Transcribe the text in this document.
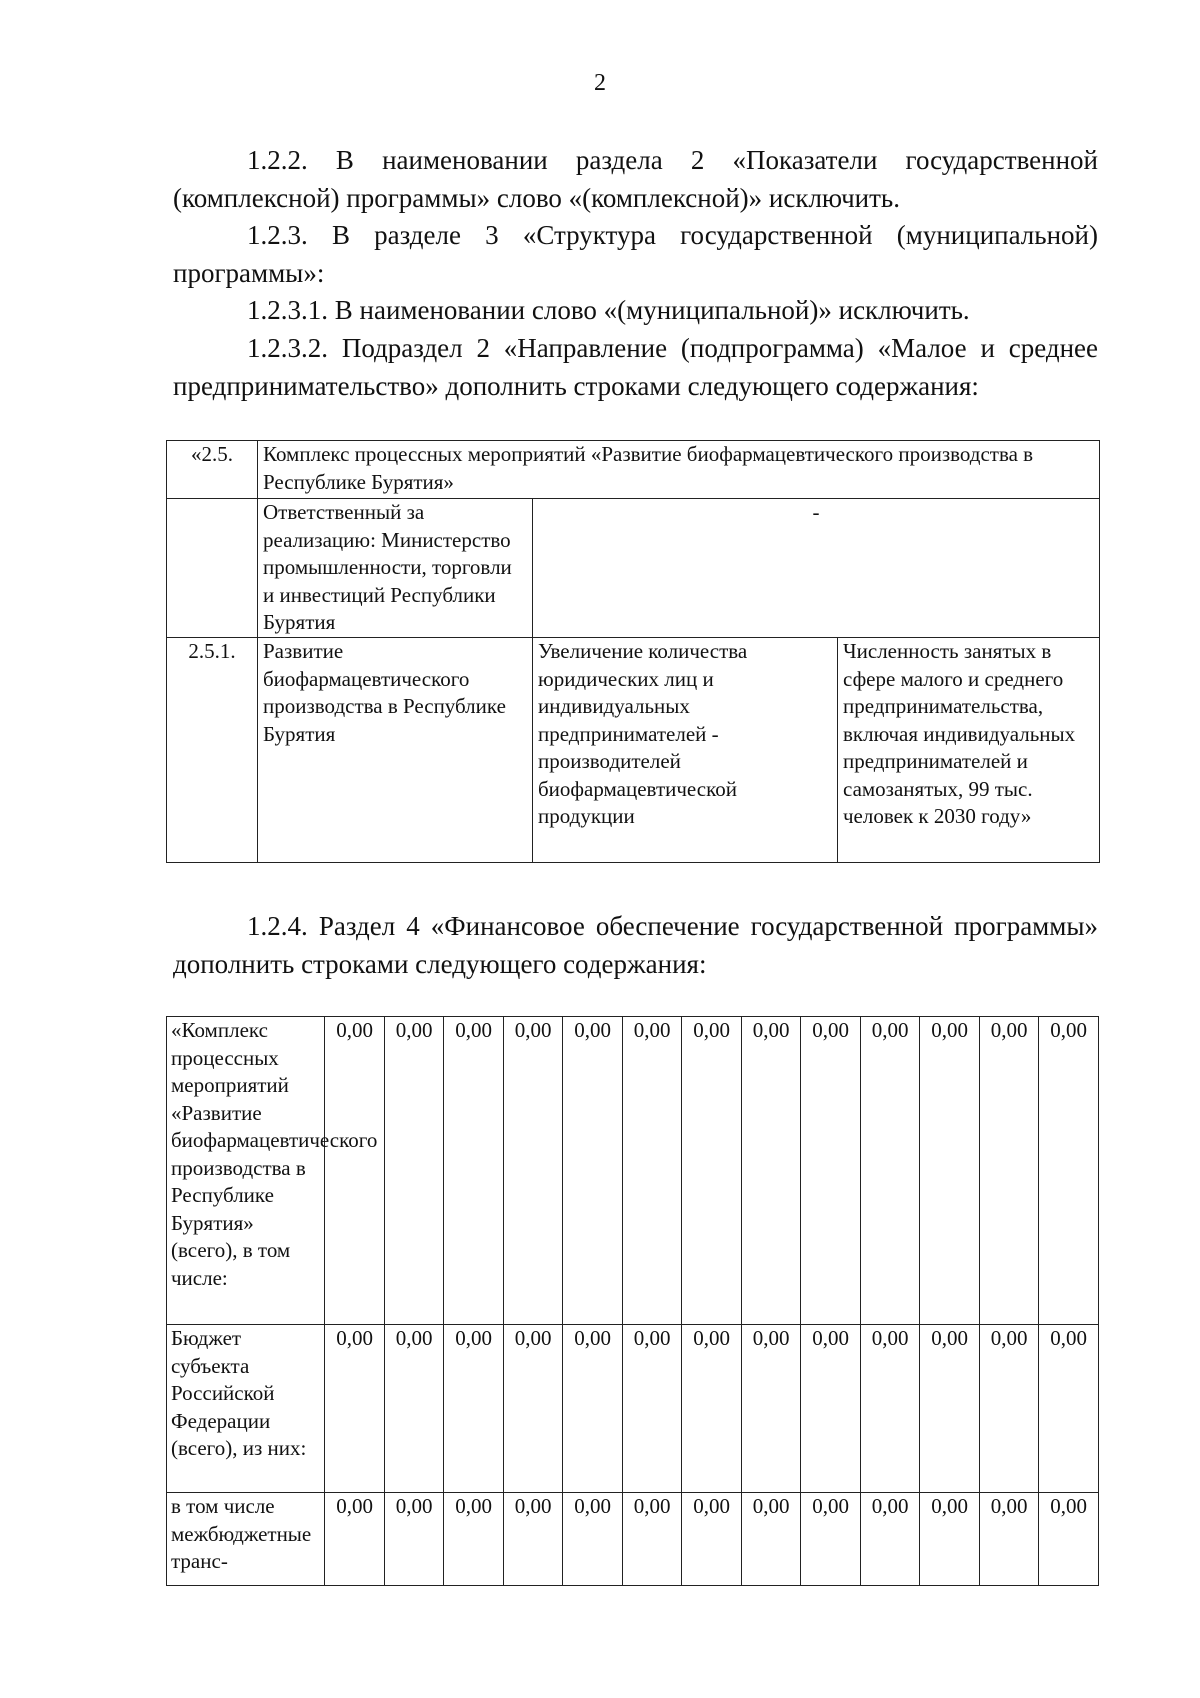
2

1.2.2. В наименовании раздела 2 «Показатели государственной (комплексной) программы» слово «(комплексной)» исключить.

1.2.3. В разделе 3 «Структура государственной (муниципальной) программы»:

1.2.3.1. В наименовании слово «(муниципальной)» исключить.

1.2.3.2. Подраздел 2 «Направление (подпрограмма) «Малое и среднее предпринимательство» дополнить строками следующего содержания:

«2.5.	Комплекс процессных мероприятий «Развитие биофармацевтического производства в Республике Бурятия»		
	Ответственный за реализацию: Министерство промышленности, торговли и инвестиций Республики Бурятия	-	
2.5.1.	Развитие биофармацевтического производства в Республике Бурятия	Увеличение количества юридических лиц и индивидуальных предпринимателей - производителей биофармацевтической продукции	Численность занятых в сфере малого и среднего предпринимательства, включая индивидуальных предпринимателей и самозанятых, 99 тыс. человек к 2030 году»

1.2.4. Раздел 4 «Финансовое обеспечение государственной программы» дополнить строками следующего содержания:

«Комплекс процессных мероприятий «Развитие биофармацевтического производства в Республике Бурятия» (всего), в том числе:	0,00	0,00	0,00	0,00	0,00	0,00	0,00	0,00	0,00	0,00	0,00	0,00	0,00
Бюджет субъекта Российской Федерации (всего), из них:	0,00	0,00	0,00	0,00	0,00	0,00	0,00	0,00	0,00	0,00	0,00	0,00	0,00
в том числе межбюджетные транс-	0,00	0,00	0,00	0,00	0,00	0,00	0,00	0,00	0,00	0,00	0,00	0,00	0,00
